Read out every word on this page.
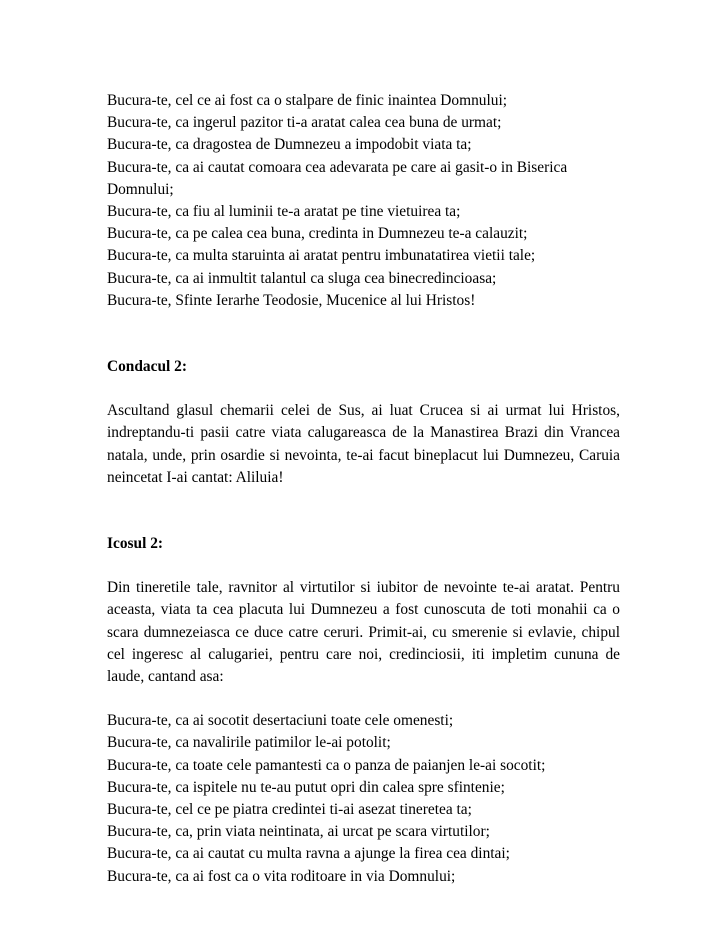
Bucura-te, cel ce ai fost ca o stalpare de finic inaintea Domnului;
Bucura-te, ca ingerul pazitor ti-a aratat calea cea buna de urmat;
Bucura-te, ca dragostea de Dumnezeu a impodobit viata ta;
Bucura-te, ca ai cautat comoara cea adevarata pe care ai gasit-o in Biserica
Domnului;
Bucura-te, ca fiu al luminii te-a aratat pe tine vietuirea ta;
Bucura-te, ca pe calea cea buna, credinta in Dumnezeu te-a calauzit;
Bucura-te, ca multa staruinta ai aratat pentru imbunatatirea vietii tale;
Bucura-te, ca ai inmultit talantul ca sluga cea binecredincioasa;
Bucura-te, Sfinte Ierarhe Teodosie, Mucenice al lui Hristos!
Condacul 2:
Ascultand glasul chemarii celei de Sus, ai luat Crucea si ai urmat lui Hristos, indreptandu-ti pasii catre viata calugareasca de la Manastirea Brazi din Vrancea natala, unde, prin osardie si nevointa, te-ai facut bineplacut lui Dumnezeu, Caruia neincetat I-ai cantat: Aliluia!
Icosul 2:
Din tineretile tale, ravnitor al virtutilor si iubitor de nevointe te-ai aratat. Pentru aceasta, viata ta cea placuta lui Dumnezeu a fost cunoscuta de toti monahii ca o scara dumnezeiasca ce duce catre ceruri. Primit-ai, cu smerenie si evlavie, chipul cel ingeresc al calugariei, pentru care noi, credinciosii, iti impletim cununa de laude, cantand asa:
Bucura-te, ca ai socotit desertaciuni toate cele omenesti;
Bucura-te, ca navalirile patimilor le-ai potolit;
Bucura-te, ca toate cele pamantesti ca o panza de paianjen le-ai socotit;
Bucura-te, ca ispitele nu te-au putut opri din calea spre sfintenie;
Bucura-te, cel ce pe piatra credintei ti-ai asezat tineretea ta;
Bucura-te, ca, prin viata neintinata, ai urcat pe scara virtutilor;
Bucura-te, ca ai cautat cu multa ravna a ajunge la firea cea dintai;
Bucura-te, ca ai fost ca o vita roditoare in via Domnului;
